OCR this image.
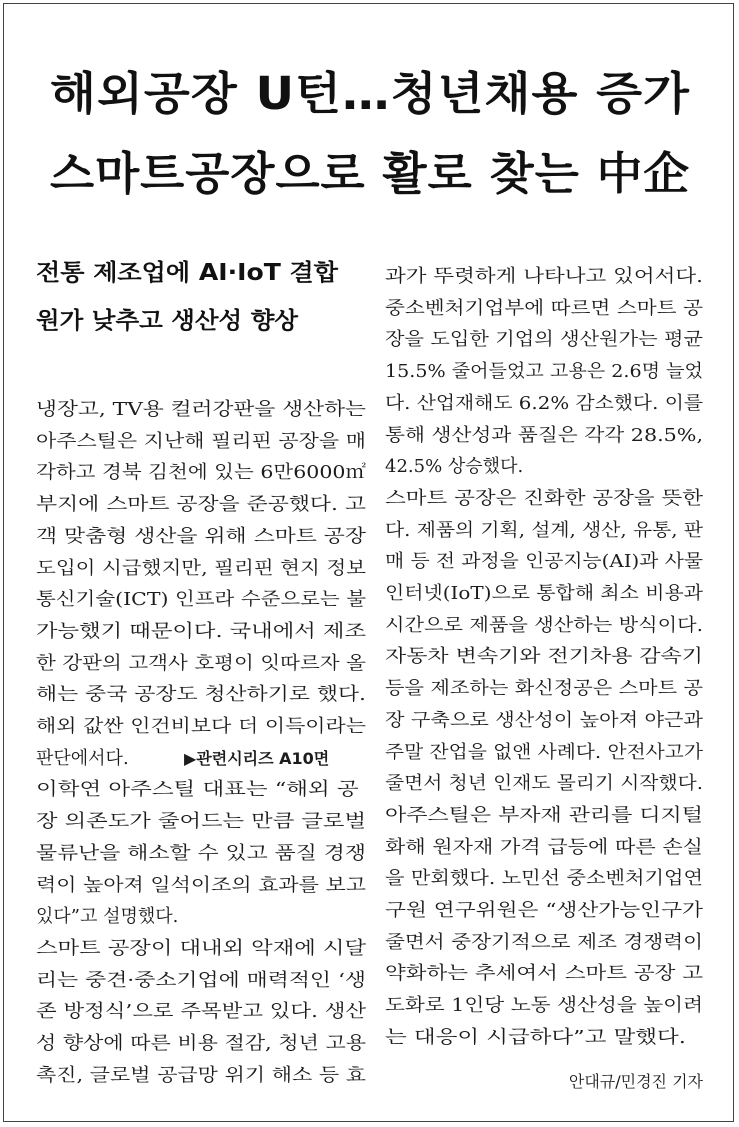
해외공장 U턴…청년채용 증가
스마트공장으로 활로 찾는 中企
전통 제조업에 AI·IoT 결합
원가 낮추고 생산성 향상
냉장고, TV용 컬러강판을 생산하는
아주스틸은 지난해 필리핀 공장을 매
각하고 경북 김천에 있는 6만6000㎡
부지에 스마트 공장을 준공했다. 고
객 맞춤형 생산을 위해 스마트 공장
도입이 시급했지만, 필리핀 현지 정보
통신기술(ICT) 인프라 수준으로는 불
가능했기 때문이다. 국내에서 제조
한 강판의 고객사 호평이 잇따르자 올
해는 중국 공장도 청산하기로 했다.
해외 값싼 인건비보다 더 이득이라는
판단에서다.	▶관련시리즈 A10면
이학연 아주스틸 대표는 “해외 공
장 의존도가 줄어드는 만큼 글로벌
물류난을 해소할 수 있고 품질 경쟁
력이 높아져 일석이조의 효과를 보고
있다”고 설명했다.
스마트 공장이 대내외 악재에 시달
리는 중견·중소기업에 매력적인 ‘생
존 방정식’으로 주목받고 있다. 생산
성 향상에 따른 비용 절감, 청년 고용
촉진, 글로벌 공급망 위기 해소 등 효
과가 뚜렷하게 나타나고 있어서다.
중소벤처기업부에 따르면 스마트 공
장을 도입한 기업의 생산원가는 평균
15.5% 줄어들었고 고용은 2.6명 늘었
다. 산업재해도 6.2% 감소했다. 이를
통해 생산성과 품질은 각각 28.5%,
42.5% 상승했다.
스마트 공장은 진화한 공장을 뜻한
다. 제품의 기획, 설계, 생산, 유통, 판
매 등 전 과정을 인공지능(AI)과 사물
인터넷(IoT)으로 통합해 최소 비용과
시간으로 제품을 생산하는 방식이다.
자동차 변속기와 전기차용 감속기
등을 제조하는 화신정공은 스마트 공
장 구축으로 생산성이 높아져 야근과
주말 잔업을 없앤 사례다. 안전사고가
줄면서 청년 인재도 몰리기 시작했다.
아주스틸은 부자재 관리를 디지털
화해 원자재 가격 급등에 따른 손실
을 만회했다. 노민선 중소벤처기업연
구원 연구위원은 “생산가능인구가
줄면서 중장기적으로 제조 경쟁력이
약화하는 추세여서 스마트 공장 고
도화로 1인당 노동 생산성을 높이려
는 대응이 시급하다”고 말했다.
안대규/민경진 기자
